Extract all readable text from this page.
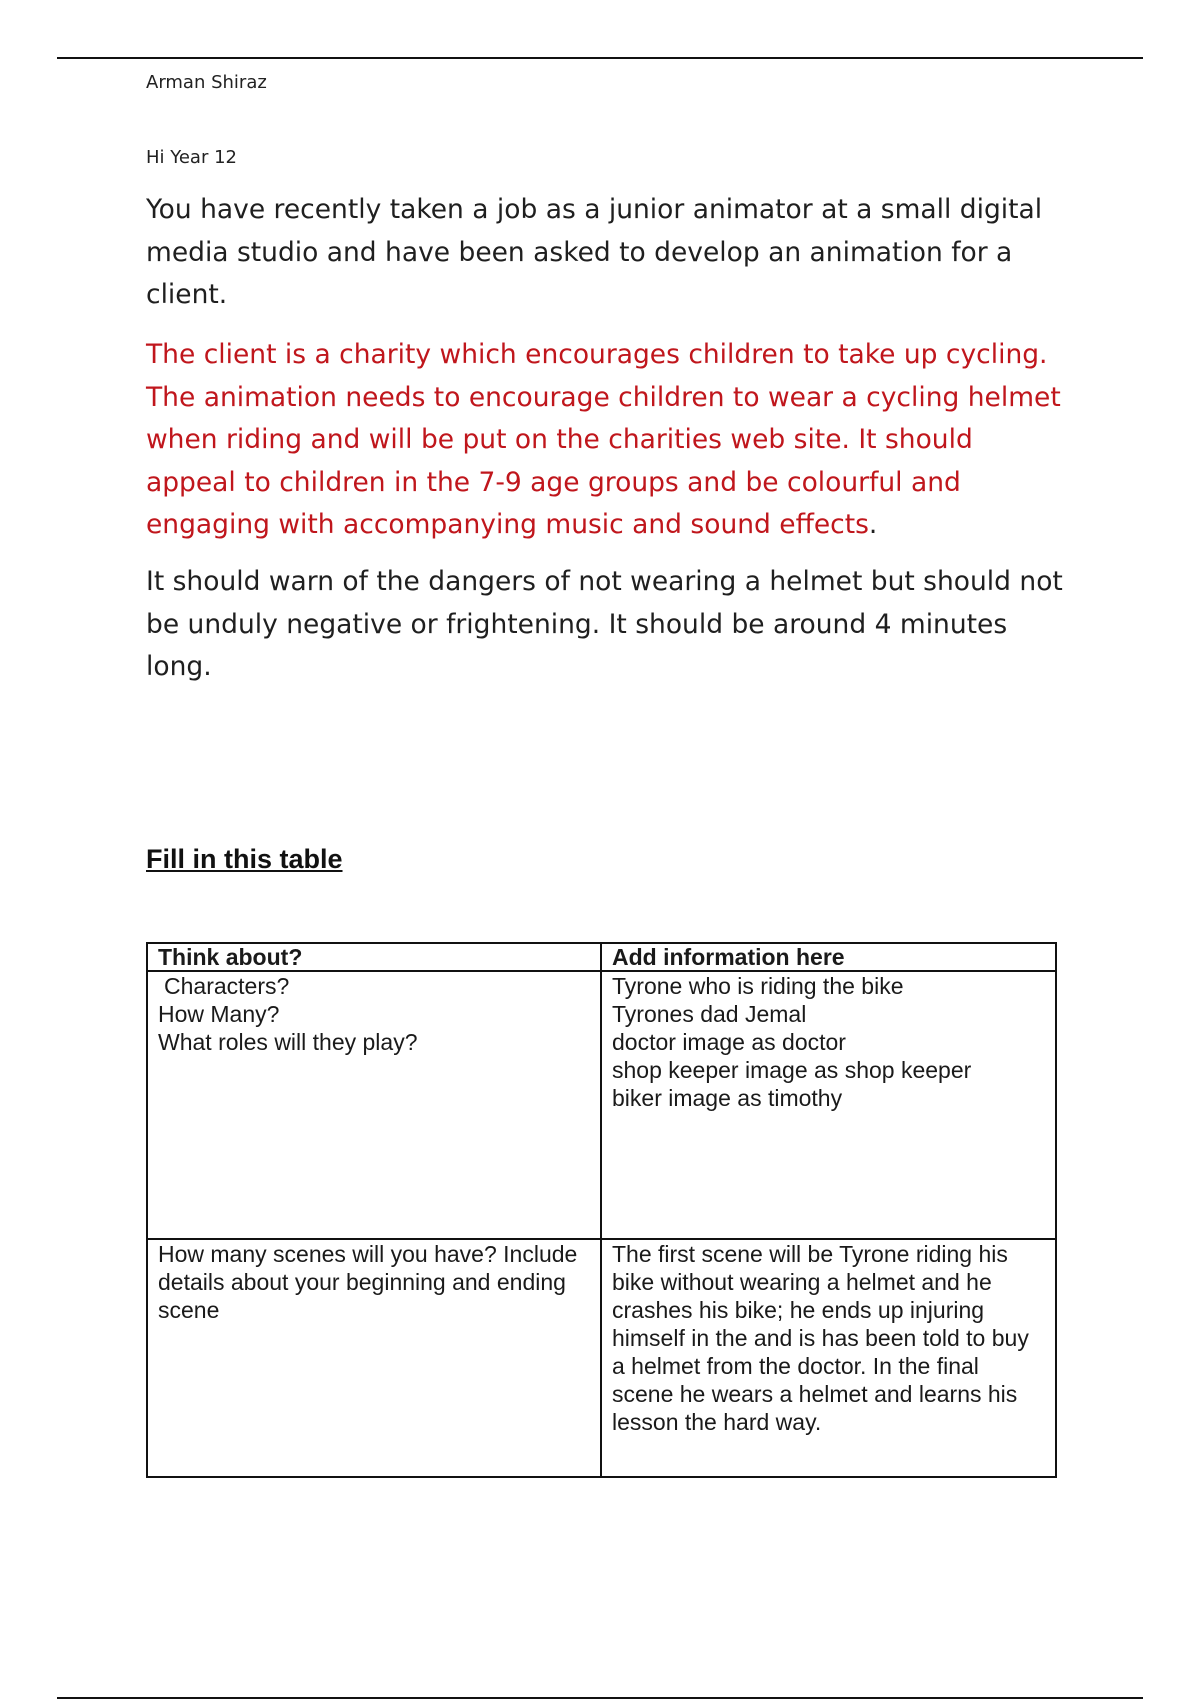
Arman Shiraz
Hi Year 12

You have recently taken a job as a junior animator at a small digital media studio and have been asked to develop an animation for a client.

The client is a charity which encourages children to take up cycling. The animation needs to encourage children to wear a cycling helmet when riding and will be put on the charities web site. It should appeal to children in the 7-9 age groups and be colourful and engaging with accompanying music and sound effects.

It should warn of the dangers of not wearing a helmet but should not be unduly negative or frightening. It should be around 4 minutes long.

Fill in this table
Think about?	Add information here

Characters?
How Many?
What roles will they play?	Tyrone who is riding the bike
Tyrones dad Jemal
doctor image as doctor
shop keeper image as shop keeper
biker image as timothy

How many scenes will you have? Include details about your beginning and ending scene	The first scene will be Tyrone riding his bike without wearing a helmet and he crashes his bike; he ends up injuring himself in the and is has been told to buy a helmet from the doctor. In the final scene he wears a helmet and learns his lesson the hard way.
